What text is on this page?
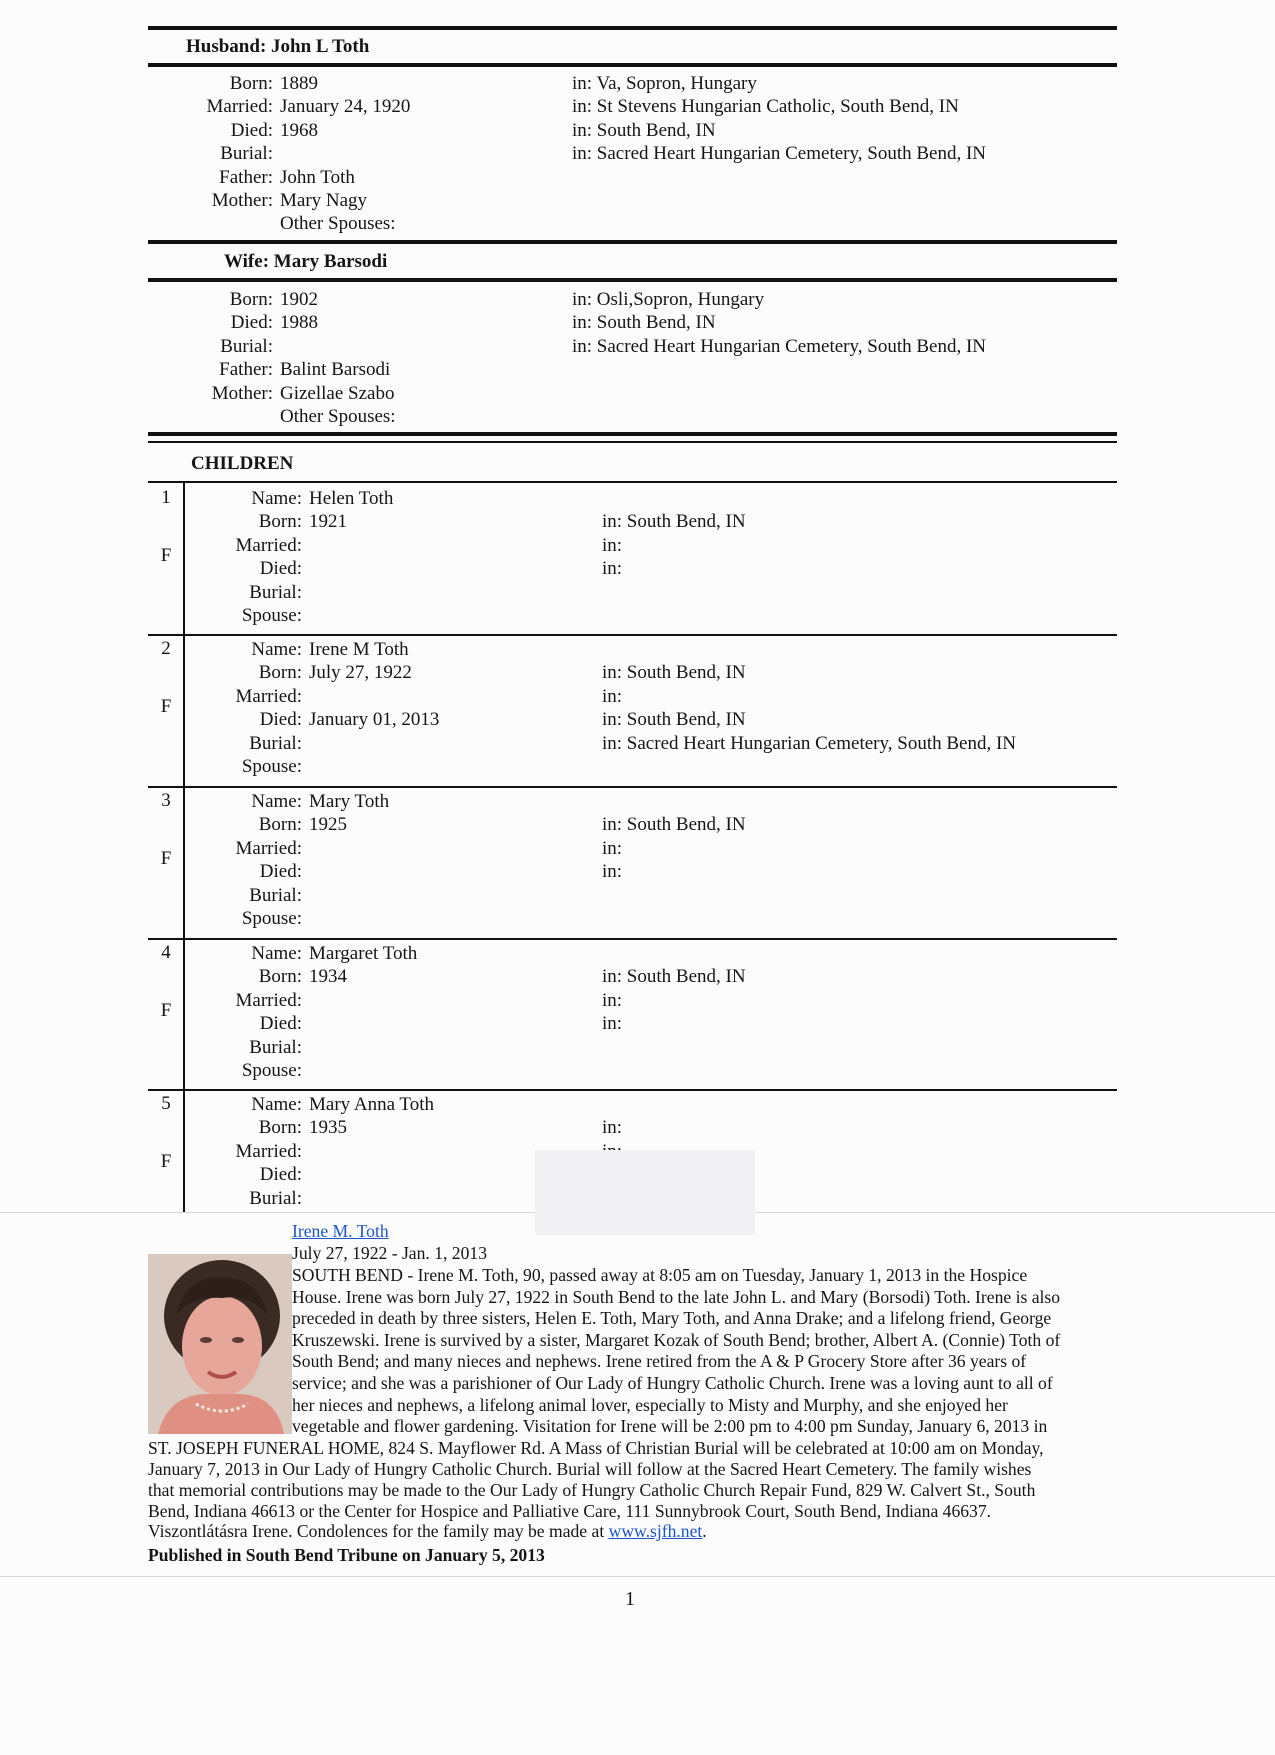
Husband: John L Toth
Born: 1889	in: Va, Sopron, Hungary
Married: January 24, 1920	in: St Stevens Hungarian Catholic, South Bend, IN
Died: 1968	in: South Bend, IN
Burial:	in: Sacred Heart Hungarian Cemetery, South Bend, IN
Father: John Toth
Mother: Mary Nagy
Other Spouses:
Wife: Mary Barsodi
Born: 1902	in: Osli,Sopron, Hungary
Died: 1988	in: South Bend, IN
Burial:	in: Sacred Heart Hungarian Cemetery, South Bend, IN
Father: Balint Barsodi
Mother: Gizellae Szabo
Other Spouses:
CHILDREN
1
F
Name: Helen Toth
Born: 1921	in: South Bend, IN
Married:	in:
Died:	in:
Burial:
Spouse:
2
F
Name: Irene M Toth
Born: July 27, 1922	in: South Bend, IN
Married:	in:
Died: January 01, 2013	in: South Bend, IN
Burial:	in: Sacred Heart Hungarian Cemetery, South Bend, IN
Spouse:
3
F
Name: Mary Toth
Born: 1925	in: South Bend, IN
Married:	in:
Died:	in:
Burial:
Spouse:
4
F
Name: Margaret Toth
Born: 1934	in: South Bend, IN
Married:	in:
Died:	in:
Burial:
Spouse:
5
F
Name: Mary Anna Toth
Born: 1935	in:
Married:
Died:
Burial:
Irene M. Toth
July 27, 1922 - Jan. 1, 2013
SOUTH BEND - Irene M. Toth, 90, passed away at 8:05 am on Tuesday, January 1, 2013 in the Hospice
House. Irene was born July 27, 1922 in South Bend to the late John L. and Mary (Borsodi) Toth. Irene is also
preceded in death by three sisters, Helen E. Toth, Mary Toth, and Anna Drake; and a lifelong friend, George
Kruszewski. Irene is survived by a sister, Margaret Kozak of South Bend; brother, Albert A. (Connie) Toth of
South Bend; and many nieces and nephews. Irene retired from the A & P Grocery Store after 36 years of
service; and she was a parishioner of Our Lady of Hungry Catholic Church. Irene was a loving aunt to all of
her nieces and nephews, a lifelong animal lover, especially to Misty and Murphy, and she enjoyed her
vegetable and flower gardening. Visitation for Irene will be 2:00 pm to 4:00 pm Sunday, January 6, 2013 in
ST. JOSEPH FUNERAL HOME, 824 S. Mayflower Rd. A Mass of Christian Burial will be celebrated at 10:00 am on Monday,
January 7, 2013 in Our Lady of Hungry Catholic Church. Burial will follow at the Sacred Heart Cemetery. The family wishes
that memorial contributions may be made to the Our Lady of Hungry Catholic Church Repair Fund, 829 W. Calvert St., South
Bend, Indiana 46613 or the Center for Hospice and Palliative Care, 111 Sunnybrook Court, South Bend, Indiana 46637.
Viszontlátásra Irene. Condolences for the family may be made at www.sjfh.net.
Published in South Bend Tribune on January 5, 2013
1
